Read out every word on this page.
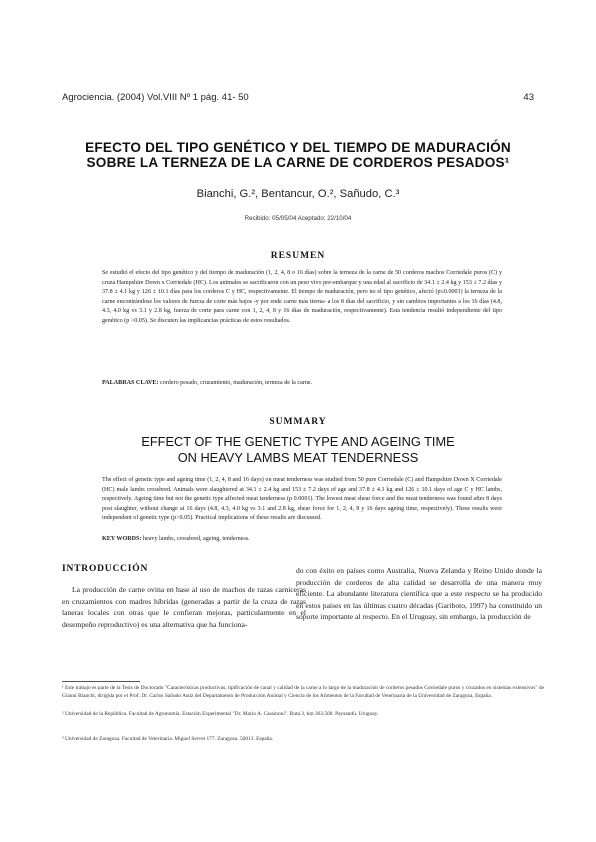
Agrociencia. (2004) Vol.VIII Nº 1 pág. 41- 50	43
EFECTO DEL TIPO GENÉTICO Y DEL TIEMPO DE MADURACIÓN
SOBRE LA TERNEZA DE LA CARNE DE CORDEROS PESADOS¹
Bianchi, G.², Bentancur, O.², Sañudo, C.³
Recibido: 05/05/04 Aceptado: 22/10/04
RESUMEN
Se estudió el efecto del tipo genético y del tiempo de maduración (1, 2, 4, 8 o 16 días) sobre la terneza de la carne de 50 corderos machos Corriedale puros (C) y cruza Hampshire Down x Corriedale (HC). Los animales se sacrificaron con un peso vivo pre-embarque y una edad al sacrificio de 34.1 ± 2.4 kg y 153 ± 7.2 días y 37.8 ± 4.1 kg y 126 ± 10.1 días para los corderos C y HC, respectivamente. El tiempo de maduración, pero no el tipo genético, afectó (p≤0.0001) la terneza de la carne encontrándose los valores de fuerza de corte más bajos -y por ende carne más tierna- a los 8 días del sacrificio, y sin cambios importantes a los 16 días (4.8, 4.3, 4.0 kg vs 3.1 y 2.8 kg, fuerza de corte para carne con 1, 2, 4, 8 y 16 días de maduración, respectivamente). Esta tendencia resultó independiente del tipo genético (p >0.05). Se discuten las implicancias prácticas de estos resultados.
PALABRAS CLAVE: cordero pesado, cruzamiento, maduración, terneza de la carne.
SUMMARY
EFFECT OF THE GENETIC TYPE AND AGEING TIME
ON HEAVY LAMBS MEAT TENDERNESS
The effect of genetic type and ageing time (1, 2, 4, 8 and 16 days) on meat tenderness was studied from 50 pure Corriedale (C) and Hampshire Down X Corriedale (HC) male lambs crossbred. Animals were slaughtered at 34.1 ± 2.4 kg and 153 ± 7.2 days of age and 37.8 ± 4.1 kg and 126 ± 10.1 days of age C y HC lambs, respectively. Ageing time but not the genetic type affected meat tenderness (p 0.0001). The lowest meat shear force and the meat tenderness was found after 8 days post slaughter, without change at 16 days (4.8, 4.3, 4.0 kg vs 3.1 and 2.8 kg, shear force for 1, 2, 4, 8 y 16 days ageing time, respectively). These results were independent of genetic type (p>0.05). Practical implications of these results are discussed.
KEY WORDS: heavy lambs, crossbred, ageing, tenderness.
INTRODUCCIÓN
La producción de carne ovina en base al uso de machos de razas carniceras en cruzamientos con madres híbridas (generadas a partir de la cruza de razas laneras locales con otras que le confieran mejoras, particularmente en el desempeño reproductivo) es una alternativa que ha funciona-
do con éxito en países como Australia, Nueva Zelanda y Reino Unido donde la producción de corderos de alta calidad se desarrolla de una manera muy eficiente. La abundante literatura científica que a este respecto se ha producido en estos países en las últimas cuatro décadas (Gariboto, 1997) ha constituido un soporte importante al respecto. En el Uruguay, sin embargo, la producción de
¹ Este trabajo es parte de la Tesis de Doctorado "Características productivas, tipificación de canal y calidad de la carne a lo largo de la maduración de corderos pesados Corriedale puros y cruzados en sistemas extensivos" de Gianni Bianchi, dirigida por el Prof. Dr. Carlos Sañudo Astiz del Departamento de Producción Animal y Ciencia de los Alimentos de la Facultad de Veterinaria de la Universidad de Zaragoza, España.
² Universidad de la República. Facultad de Agronomía. Estación Experimental "Dr. Mario A. Cassinoni". Ruta 3, km 363.500. Paysandú. Uruguay.
³ Universidad de Zaragoza. Facultad de Veterinaria. Miguel Servet 177. Zaragoza. 50013. España.
